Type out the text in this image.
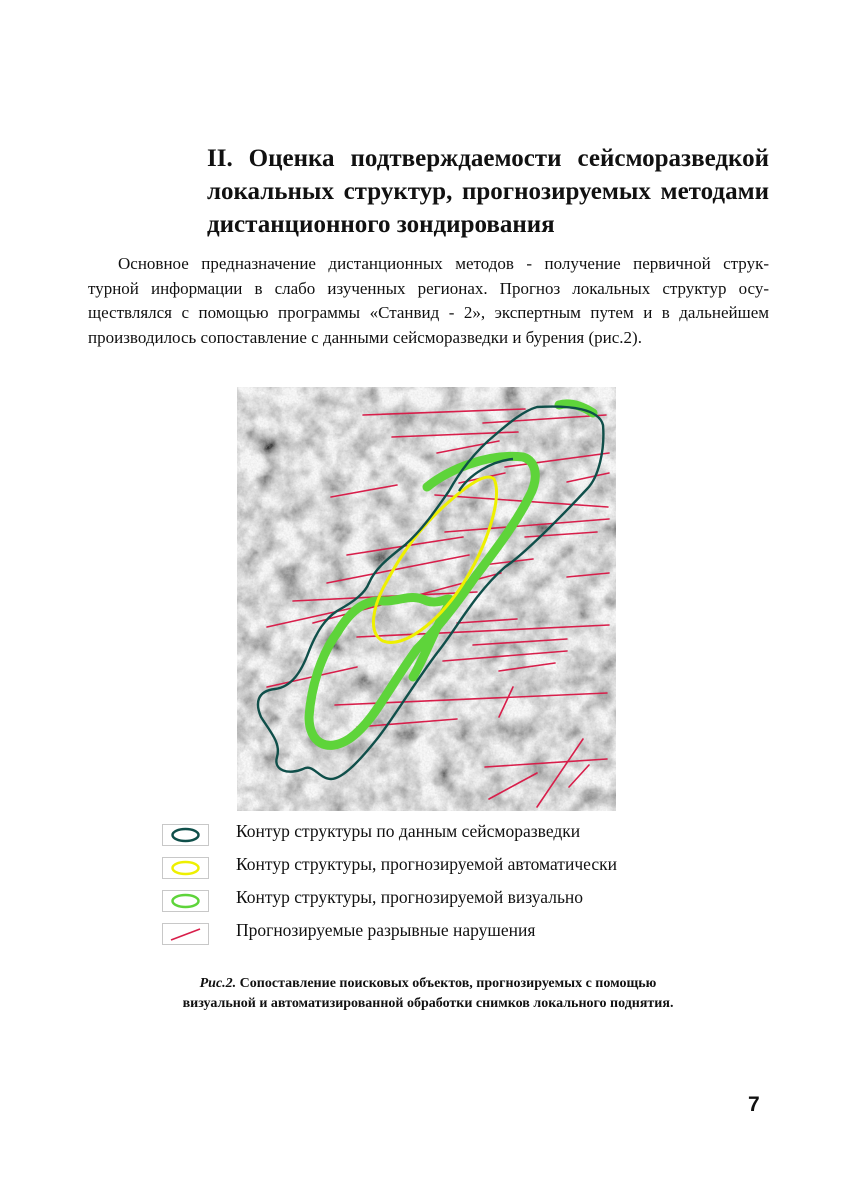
II. Оценка подтверждаемости сейсморазведкой
локальных структур, прогнозируемых методами
дистанционного зондирования

Основное предназначение дистанционных методов - получение первичной струк-
турной информации в слабо изученных регионах. Прогноз локальных структур осу-
ществлялся с помощью программы «Станвид - 2», экспертным путем и в дальнейшем
производилось сопоставление с данными сейсморазведки и бурения (рис.2).

Контур структуры по данным сейсморазведки
Контур структуры, прогнозируемой автоматически
Контур структуры, прогнозируемой визуально
Прогнозируемые разрывные нарушения

Рис.2. Сопоставление поисковых объектов, прогнозируемых с помощью
визуальной и автоматизированной обработки снимков локального поднятия.

7
